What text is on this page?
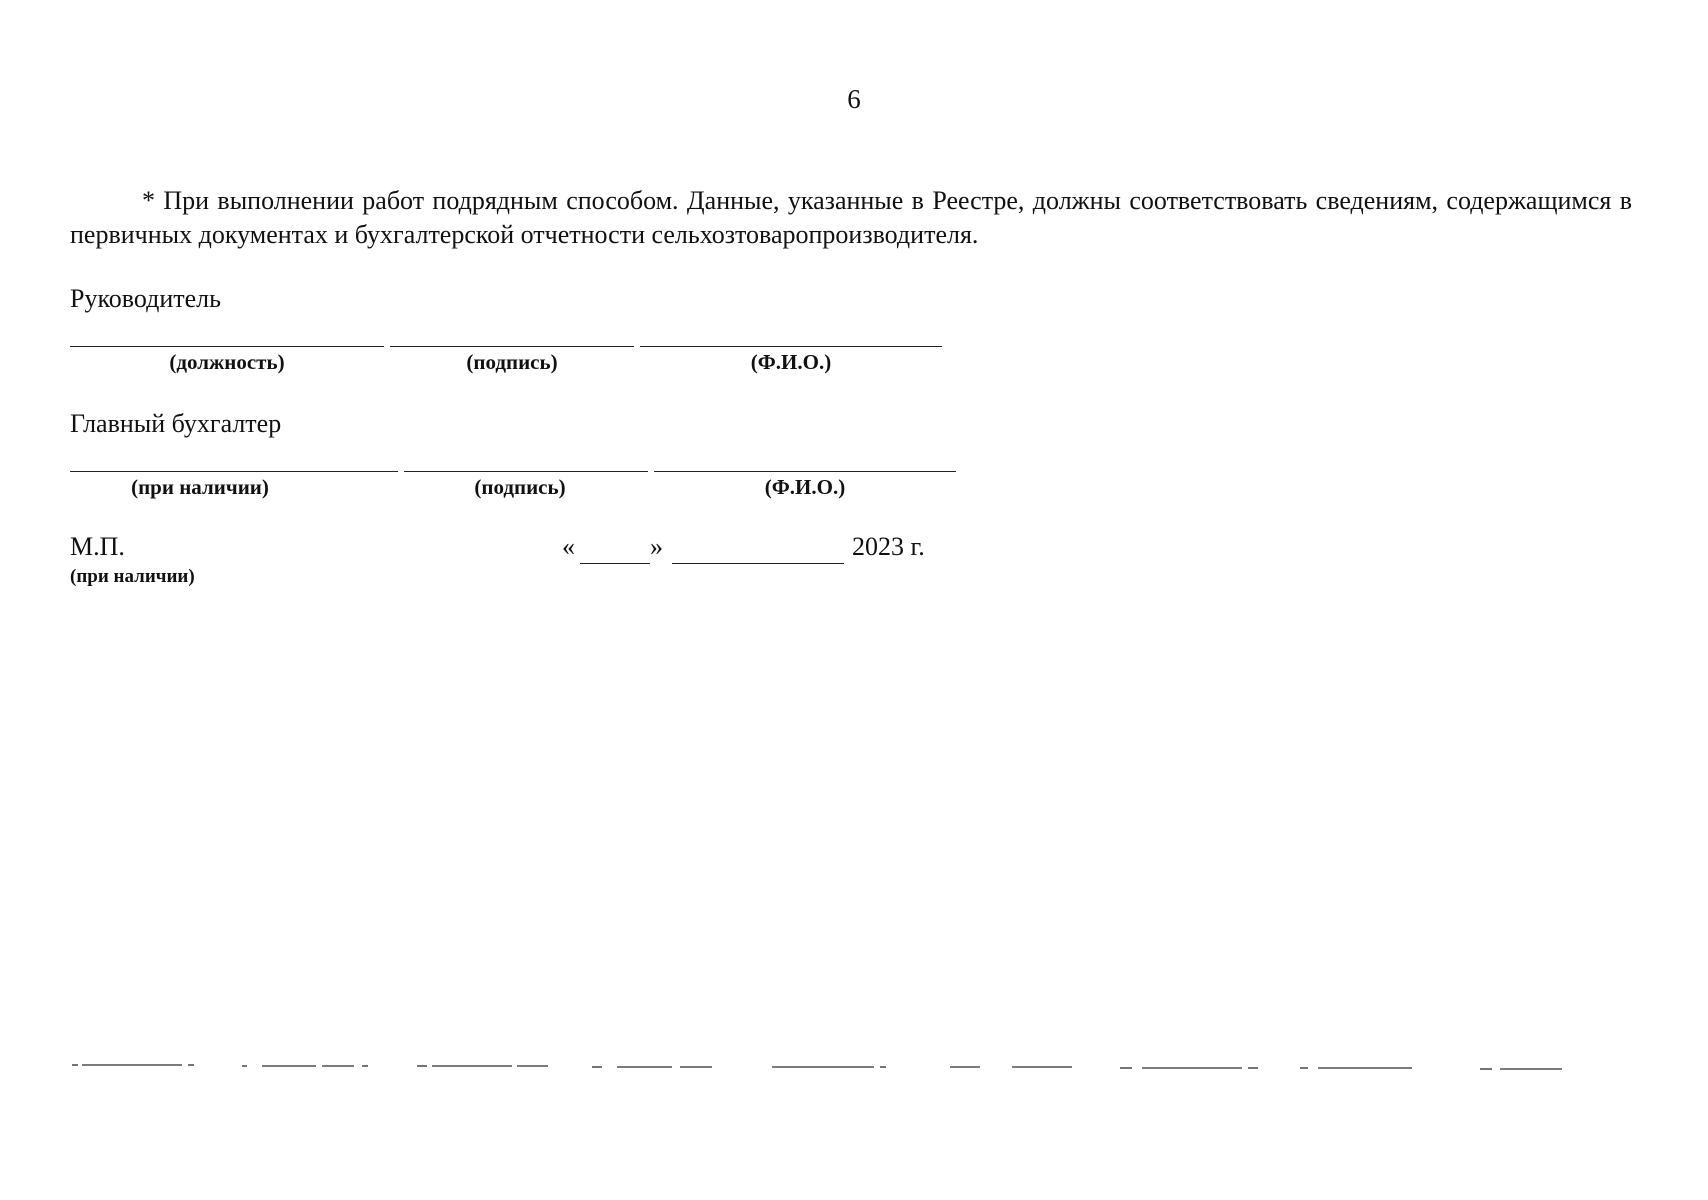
6
* При выполнении работ подрядным способом. Данные, указанные в Реестре, должны соответствовать сведениям, содержащимся в первичных документах и бухгалтерской отчетности сельхозтоваропроизводителя.
Руководитель
(должность)	(подпись)	(Ф.И.О.)
Главный бухгалтер
(при наличии)	(подпись)	(Ф.И.О.)
М.П.
(при наличии)
«	»	2023 г.
